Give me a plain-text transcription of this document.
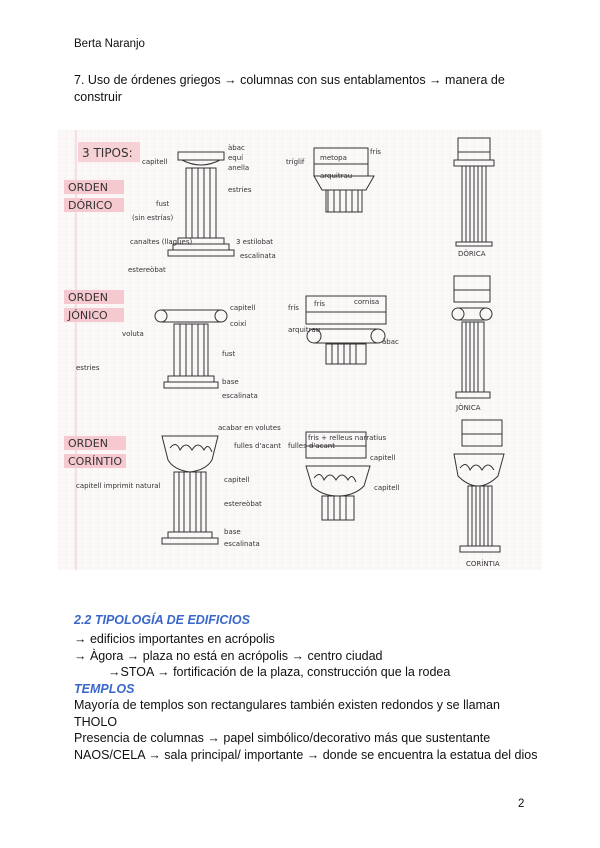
Berta Naranjo
7. Uso de órdenes griegos → columnas con sus entablamentos → manera de
construir
3 TIPOS:
ORDEN
DÓRICO
ORDEN
JÓNICO
ORDEN
CORÍNTIO
àbac
capitell	equí
anella
fust
estries
(sin estrías)
tríglif metopa
frís
arquitrau
canaltes (llagues)	3 estilobat
estereòbat
escalinata	DÒRICA
capitell
coixí
voluta
frís frís	cornisa
arquitrau
àbac
estries
fust
base
escalinata
JÒNICA
acabar en volutes
fulles d'acant
capitell
fris + relleus narratius
fulles d'acant
capitell
capitell
capitell imprimit natural
estereòbat
base
escalinata
CORÍNTIA
2.2 TIPOLOGÍA DE EDIFICIOS
→ edificios importantes en acrópolis
→ Àgora → plaza no está en acrópolis → centro ciudad
→STOA → fortificación de la plaza, construcción que la rodea
TEMPLOS
Mayoría de templos son rectangulares también existen redondos y se llaman
THOLO
Presencia de columnas → papel simbólico/decorativo más que sustentante
NAOS/CELA → sala principal/ importante → donde se encuentra la estatua del dios
2
